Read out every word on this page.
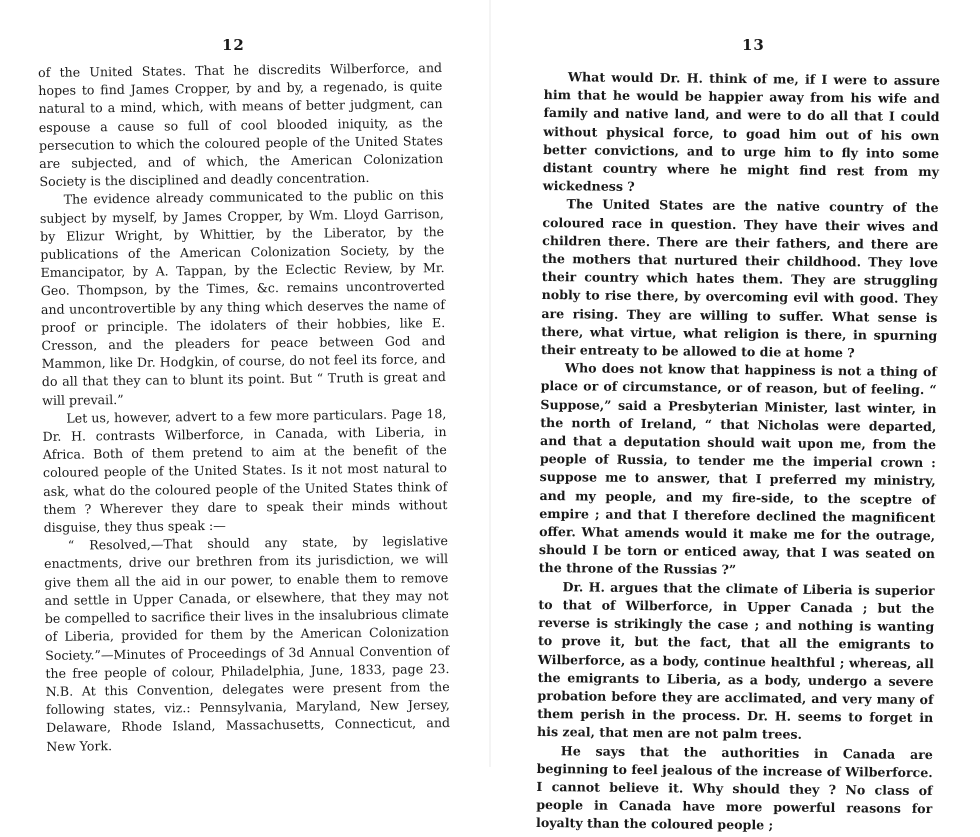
12

of the United States. That he discredits Wilberforce, and hopes to find James Cropper, by and by, a regenado, is quite natural to a mind, which, with means of better judgment, can espouse a cause so full of cool blooded iniquity, as the persecution to which the coloured people of the United States are subjected, and of which, the American Colonization Society is the disciplined and deadly concentration.

The evidence already communicated to the public on this subject by myself, by James Cropper, by Wm. Lloyd Garrison, by Elizur Wright, by Whittier, by the Liberator, by the publications of the American Colonization Society, by the Emancipator, by A. Tappan, by the Eclectic Review, by Mr. Geo. Thompson, by the Times, &c. remains uncontroverted and uncontrovertible by any thing which deserves the name of proof or principle. The idolaters of their hobbies, like E. Cresson, and the pleaders for peace between God and Mammon, like Dr. Hodgkin, of course, do not feel its force, and do all that they can to blunt its point. But “ Truth is great and will prevail.”

Let us, however, advert to a few more particulars. Page 18, Dr. H. contrasts Wilberforce, in Canada, with Liberia, in Africa. Both of them pretend to aim at the benefit of the coloured people of the United States. Is it not most natural to ask, what do the coloured people of the United States think of them ? Wherever they dare to speak their minds without disguise, they thus speak :—

“ Resolved,—That should any state, by legislative enactments, drive our brethren from its jurisdiction, we will give them all the aid in our power, to enable them to remove and settle in Upper Canada, or elsewhere, that they may not be compelled to sacrifice their lives in the insalubrious climate of Liberia, provided for them by the American Colonization Society.”—Minutes of Proceedings of 3d Annual Convention of the free people of colour, Philadelphia, June, 1833, page 23. N.B. At this Convention, delegates were present from the following states, viz.: Pennsylvania, Maryland, New Jersey, Delaware, Rhode Island, Massachusetts, Connecticut, and New York.

13

What would Dr. H. think of me, if I were to assure him that he would be happier away from his wife and family and native land, and were to do all that I could without physical force, to goad him out of his own better convictions, and to urge him to fly into some distant country where he might find rest from my wickedness ?

The United States are the native country of the coloured race in question. They have their wives and children there. There are their fathers, and there are the mothers that nurtured their childhood. They love their country which hates them. They are struggling nobly to rise there, by overcoming evil with good. They are rising. They are willing to suffer. What sense is there, what virtue, what religion is there, in spurning their entreaty to be allowed to die at home ?

Who does not know that happiness is not a thing of place or of circumstance, or of reason, but of feeling. “ Suppose,” said a Presbyterian Minister, last winter, in the north of Ireland, “ that Nicholas were departed, and that a deputation should wait upon me, from the people of Russia, to tender me the imperial crown : suppose me to answer, that I preferred my ministry, and my people, and my fire-side, to the sceptre of empire ; and that I therefore declined the magnificent offer. What amends would it make me for the outrage, should I be torn or enticed away, that I was seated on the throne of the Russias ?”

Dr. H. argues that the climate of Liberia is superior to that of Wilberforce, in Upper Canada ; but the reverse is strikingly the case ; and nothing is wanting to prove it, but the fact, that all the emigrants to Wilberforce, as a body, continue healthful ; whereas, all the emigrants to Liberia, as a body, undergo a severe probation before they are acclimated, and very many of them perish in the process. Dr. H. seems to forget in his zeal, that men are not palm trees.

He says that the authorities in Canada are beginning to feel jealous of the increase of Wilberforce. I cannot believe it. Why should they ? No class of people in Canada have more powerful reasons for loyalty than the coloured people ;
